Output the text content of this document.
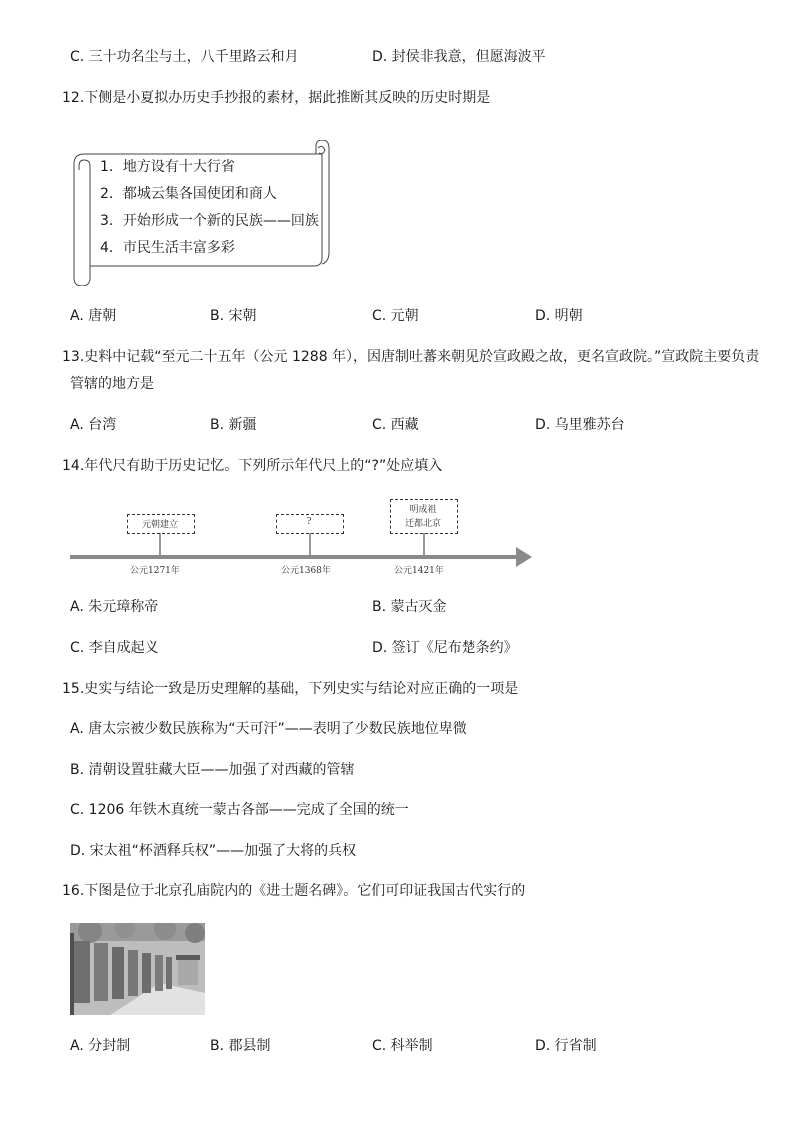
C. 三十功名尘与土，八千里路云和月	D. 封侯非我意，但愿海波平
12.下侧是小夏拟办历史手抄报的素材，据此推断其反映的历史时期是
1．地方设有十大行省
2．都城云集各国使团和商人
3．开始形成一个新的民族——回族
4．市民生活丰富多彩
A. 唐朝	B. 宋朝	C. 元朝	D. 明朝
13.史料中记载“至元二十五年（公元 1288 年），因唐制吐蕃来朝见於宣政殿之故，更名宣政院。”宣政院主要负责
管辖的地方是
A. 台湾	B. 新疆	C. 西藏	D. 乌里雅苏台
14.年代尺有助于历史记忆。下列所示年代尺上的“?”处应填入
元朝建立	?
明成祖
迁都北京
公元1271年	公元1368年	公元1421年
A. 朱元璋称帝	B. 蒙古灭金
C. 李自成起义	D. 签订《尼布楚条约》
15.史实与结论一致是历史理解的基础，下列史实与结论对应正确的一项是
A. 唐太宗被少数民族称为“天可汗”——表明了少数民族地位卑微
B. 清朝设置驻藏大臣——加强了对西藏的管辖
C. 1206 年铁木真统一蒙古各部——完成了全国的统一
D. 宋太祖“杯酒释兵权”——加强了大将的兵权
16.下图是位于北京孔庙院内的《进士题名碑》。它们可印证我国古代实行的
A. 分封制	B. 郡县制	C. 科举制	D. 行省制
